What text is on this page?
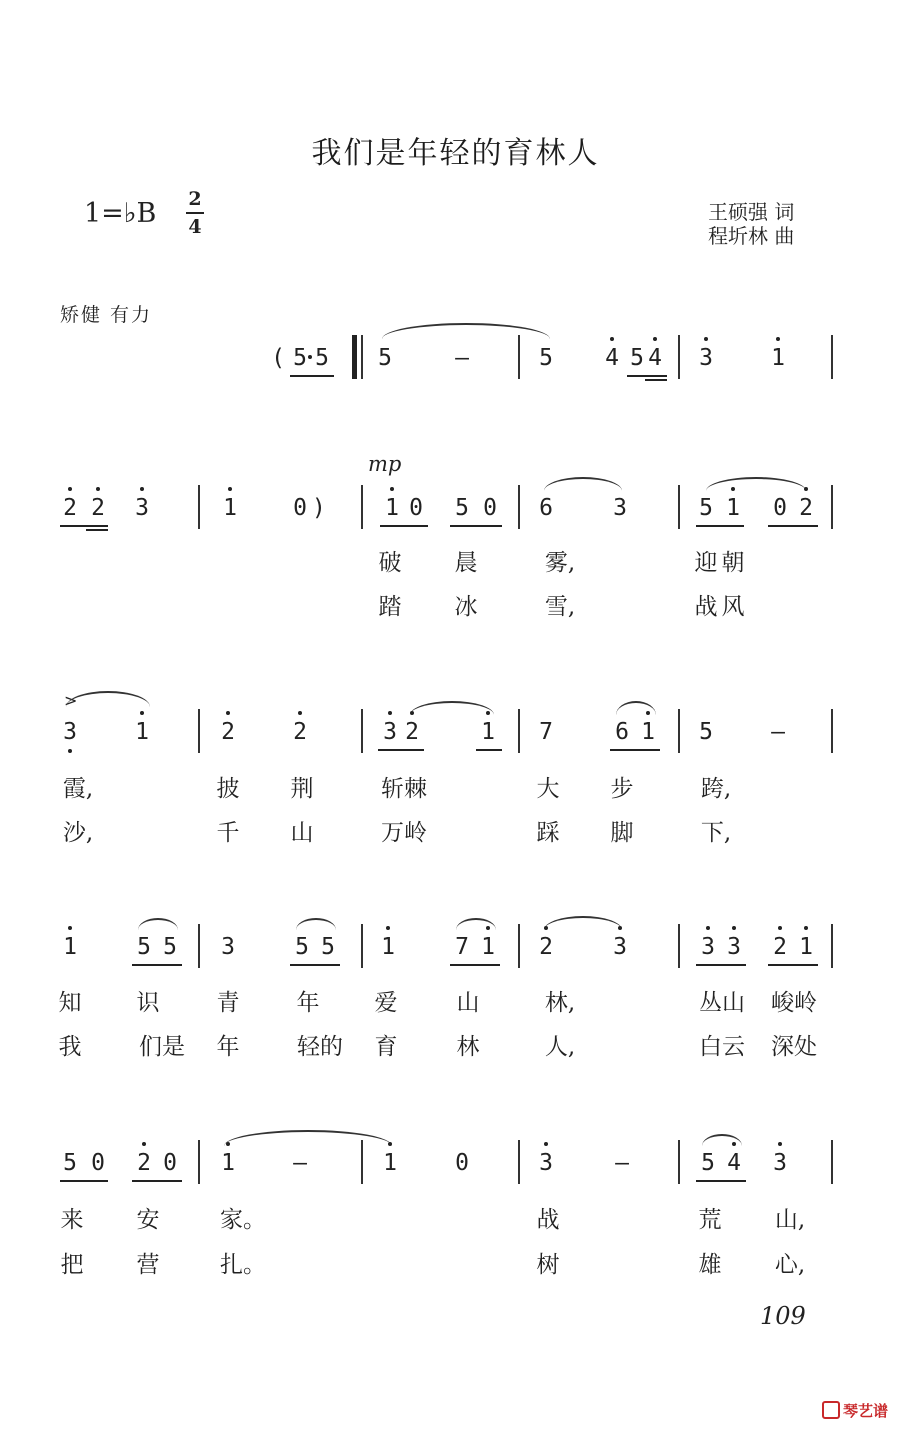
我们是年轻的育林人
1=♭B 2
4
王硕强 词
程圻林 曲
矫健 有力
mp
( 5 5 5	—	5 4 5 4 3	1
2 2 3	1 0 )	1 0 5 0 6	3	5 1 0 2
破	晨	雾,	迎 朝
踏	冰	雪,	战 风
>
3	1	2	2	3 2	1 7	6 1 5	—
霞,	披	荆	斩棘	大	步	跨,
沙,	千	山	万岭	踩	脚	下,
1	5 5 3	5 5 1	7 1 2	3	3 3 2 1
知	识	青	年	爱	山	林,	丛山	峻岭
我	们是	年	轻的	育	林	人,	白云	深处
5 0 2 0 1	—	1	0	3	—	5 4 3
来	安	家。	战	荒	山,
把	营	扎。	树	雄	心,
109
琴艺谱
